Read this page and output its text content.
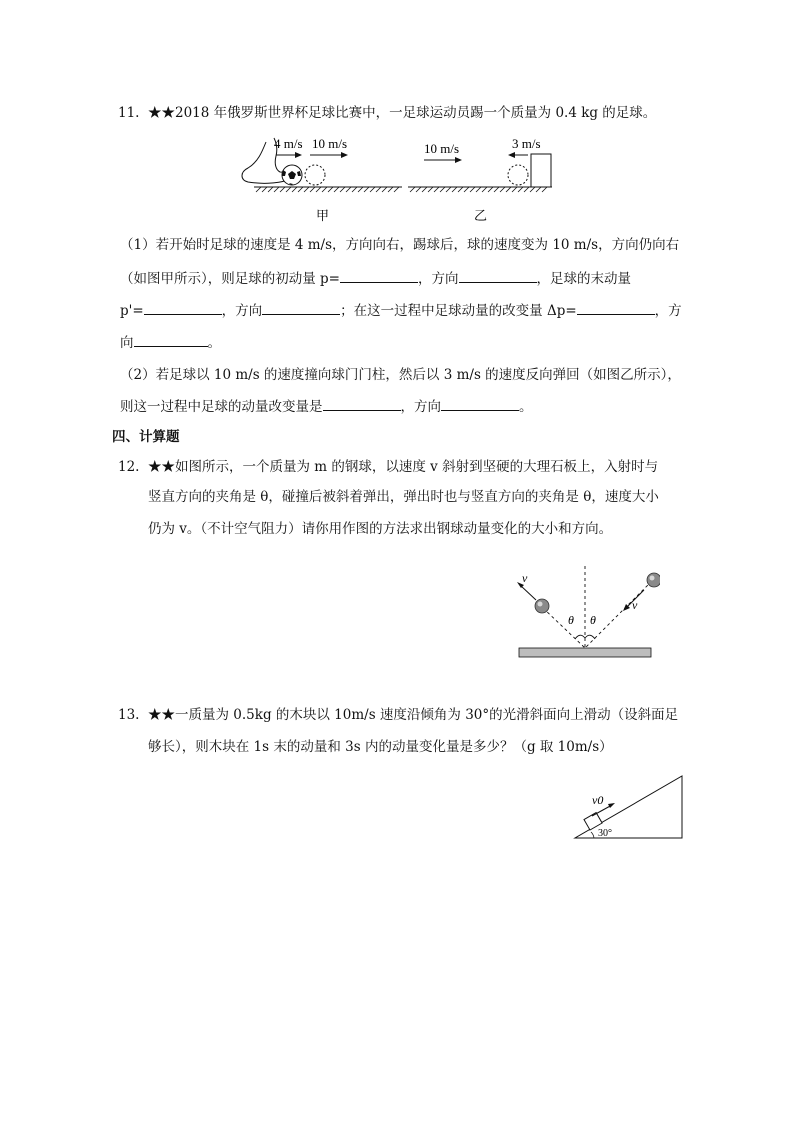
11. ★★2018 年俄罗斯世界杯足球比赛中，一足球运动员踢一个质量为 0.4 kg 的足球。
4 m/s 10 m/s
甲
10 m/s	3 m/s
乙
（1）若开始时足球的速度是 4 m/s，方向向右，踢球后，球的速度变为 10 m/s，方向仍向右
（如图甲所示），则足球的初动量 p=	，方向	，足球的末动量
p'=	，方向	；在这一过程中足球动量的改变量 Δp=	，方
向	。
（2）若足球以 10 m/s 的速度撞向球门门柱，然后以 3 m/s 的速度反向弹回（如图乙所示），
则这一过程中足球的动量改变量是	，方向	。
四、计算题
12. ★★如图所示，一个质量为 m 的钢球，以速度 v 斜射到坚硬的大理石板上，入射时与
竖直方向的夹角是 θ，碰撞后被斜着弹出，弹出时也与竖直方向的夹角是 θ，速度大小
仍为 v。（不计空气阻力）请你用作图的方法求出钢球动量变化的大小和方向。
v
v
θ θ
13. ★★一质量为 0.5kg 的木块以 10m/s 速度沿倾角为 30°的光滑斜面向上滑动（设斜面足
够长），则木块在 1s 末的动量和 3s 内的动量变化量是多少？（g 取 10m/s）
v0
30°
